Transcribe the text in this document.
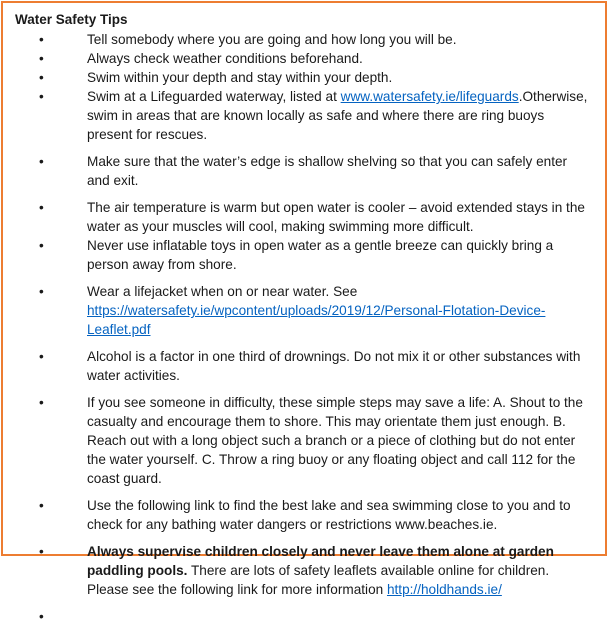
Water Safety Tips
•	Tell somebody where you are going and how long you will be.
•	Always check weather conditions beforehand.
•	Swim within your depth and stay within your depth.
•	Swim at a Lifeguarded waterway, listed at www.watersafety.ie/lifeguards.Otherwise, swim in areas that are known locally as safe and where there are ring buoys present for rescues.
•	Make sure that the water’s edge is shallow shelving so that you can safely enter and exit.
•	The air temperature is warm but open water is cooler – avoid extended stays in the water as your muscles will cool, making swimming more difficult.
•	Never use inflatable toys in open water as a gentle breeze can quickly bring a person away from shore.
•	Wear a lifejacket when on or near water. See https://watersafety.ie/wpcontent/uploads/2019/12/Personal-Flotation-Device-Leaflet.pdf
•	Alcohol is a factor in one third of drownings. Do not mix it or other substances with water activities.
•	If you see someone in difficulty, these simple steps may save a life: A. Shout to the casualty and encourage them to shore. This may orientate them just enough. B. Reach out with a long object such a branch or a piece of clothing but do not enter the water yourself. C. Throw a ring buoy or any floating object and call 112 for the coast guard.
•	Use the following link to find the best lake and sea swimming close to you and to check for any bathing water dangers or restrictions www.beaches.ie.
•	Always supervise children closely and never leave them alone at garden paddling pools. There are lots of safety leaflets available online for children. Please see the following link for more information http://holdhands.ie/
•
